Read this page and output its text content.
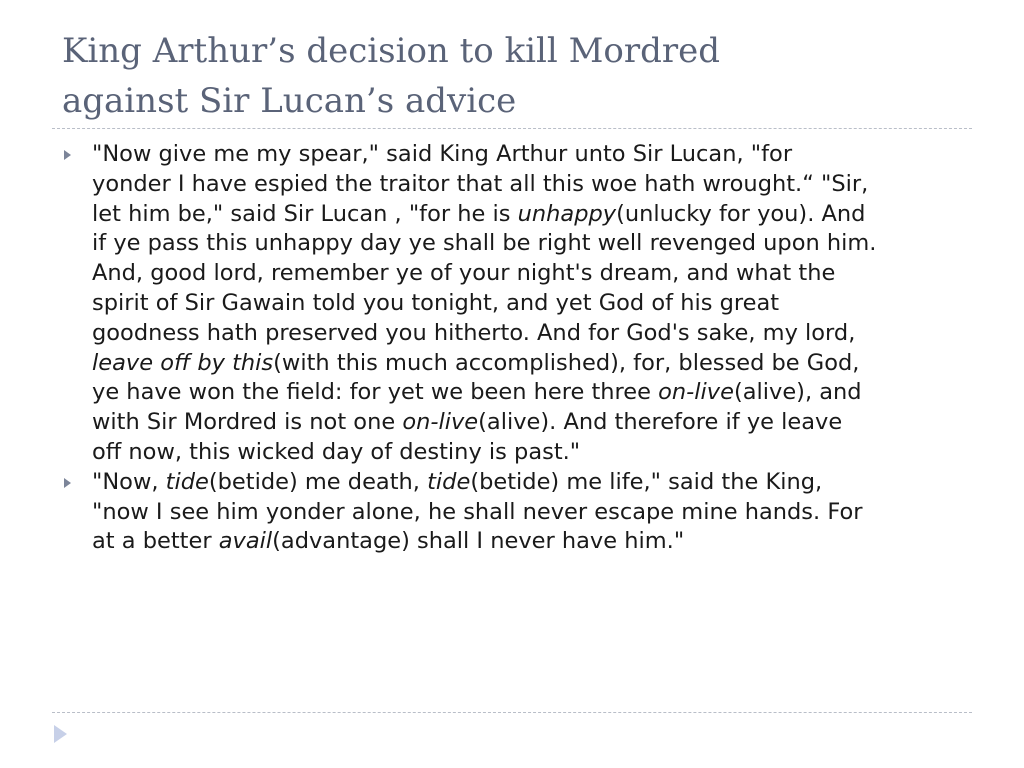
King Arthur’s decision to kill Mordred
against Sir Lucan’s advice
"Now give me my spear," said King Arthur unto Sir Lucan, "for
yonder I have espied the traitor that all this woe hath wrought.“ "Sir,
let him be," said Sir Lucan , "for he is unhappy(unlucky for you). And
if ye pass this unhappy day ye shall be right well revenged upon him.
And, good lord, remember ye of your night's dream, and what the
spirit of Sir Gawain told you tonight, and yet God of his great
goodness hath preserved you hitherto. And for God's sake, my lord,
leave off by this(with this much accomplished), for, blessed be God,
ye have won the field: for yet we been here three on-live(alive), and
with Sir Mordred is not one on-live(alive). And therefore if ye leave
off now, this wicked day of destiny is past."
"Now, tide(betide) me death, tide(betide) me life," said the King,
"now I see him yonder alone, he shall never escape mine hands. For
at a better avail(advantage) shall I never have him."
